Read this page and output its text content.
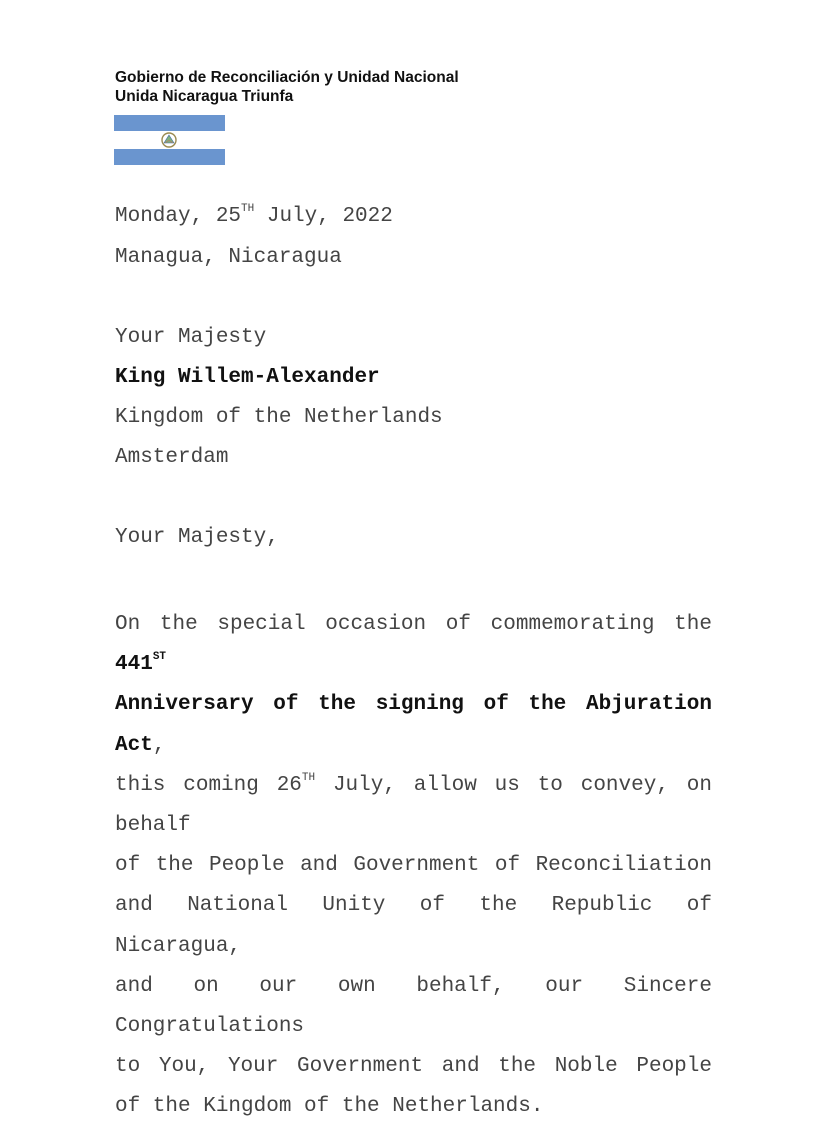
Gobierno de Reconciliación y Unidad Nacional
Unida Nicaragua Triunfa
Monday, 25TH July, 2022
Managua, Nicaragua
Your Majesty
King Willem-Alexander
Kingdom of the Netherlands
Amsterdam
Your Majesty,
On the special occasion of commemorating the 441ST
Anniversary of the signing of the Abjuration Act,
this coming 26TH July, allow us to convey, on behalf
of the People and Government of Reconciliation
and National Unity of the Republic of Nicaragua,
and on our own behalf, our Sincere Congratulations
to You, Your Government and the Noble People
of the Kingdom of the Netherlands.
